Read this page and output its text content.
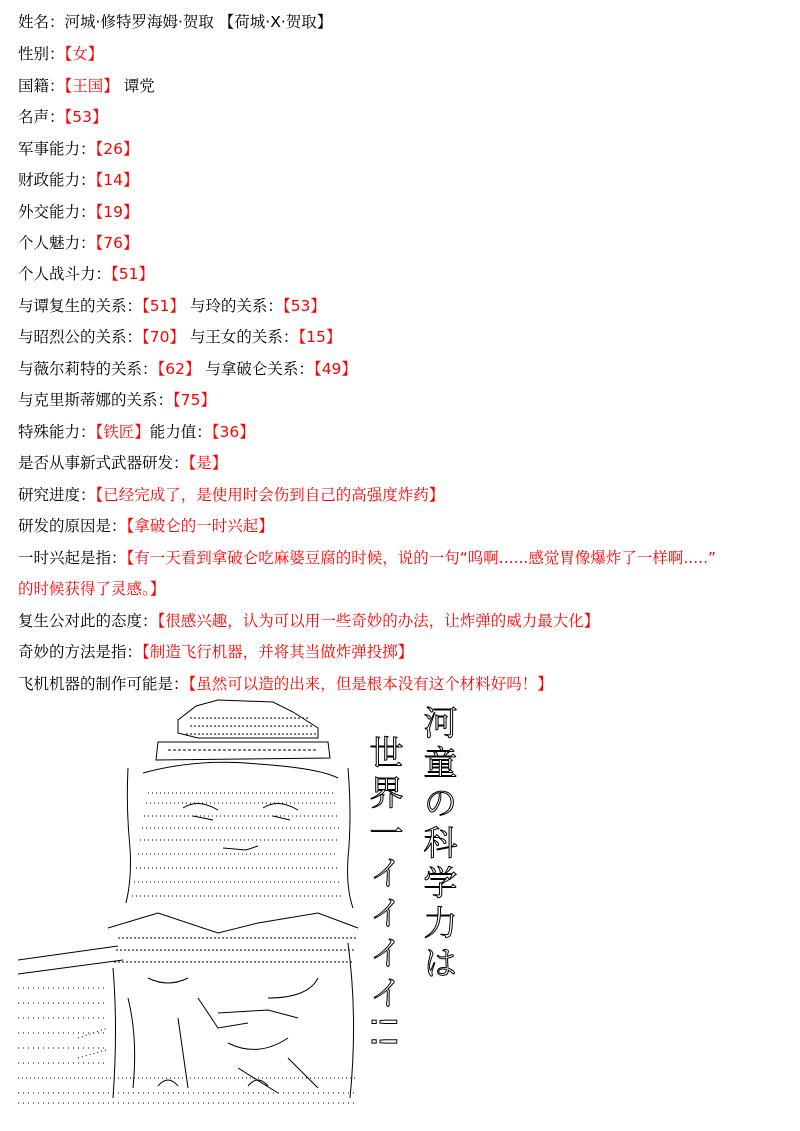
姓名：河城·修特罗海姆·贺取 【荷城·X·贺取】
性别：【女】
国籍：【王国】 谭党
名声：【53】
军事能力：【26】
财政能力：【14】
外交能力：【19】
个人魅力：【76】
个人战斗力：【51】
与谭复生的关系：【51】 与玲的关系：【53】
与昭烈公的关系：【70】 与王女的关系：【15】
与薇尔莉特的关系：【62】 与拿破仑关系：【49】
与克里斯蒂娜的关系：【75】
特殊能力：【铁匠】能力值：【36】
是否从事新式武器研发：【是】
研究进度：【已经完成了，是使用时会伤到自己的高强度炸药】
研发的原因是：【拿破仑的一时兴起】
一时兴起是指：【有一天看到拿破仑吃麻婆豆腐的时候，说的一句“呜啊......感觉胃像爆炸了一样啊.....”
的时候获得了灵感。】
复生公对此的态度：【很感兴趣，认为可以用一些奇妙的办法，让炸弹的威力最大化】
奇妙的方法是指：【制造飞行机器，并将其当做炸弹投掷】
飞机机器的制作可能是：【虽然可以造的出来，但是根本没有这个材料好吗！】
世界一イイイイ!! 河童の科学力は
